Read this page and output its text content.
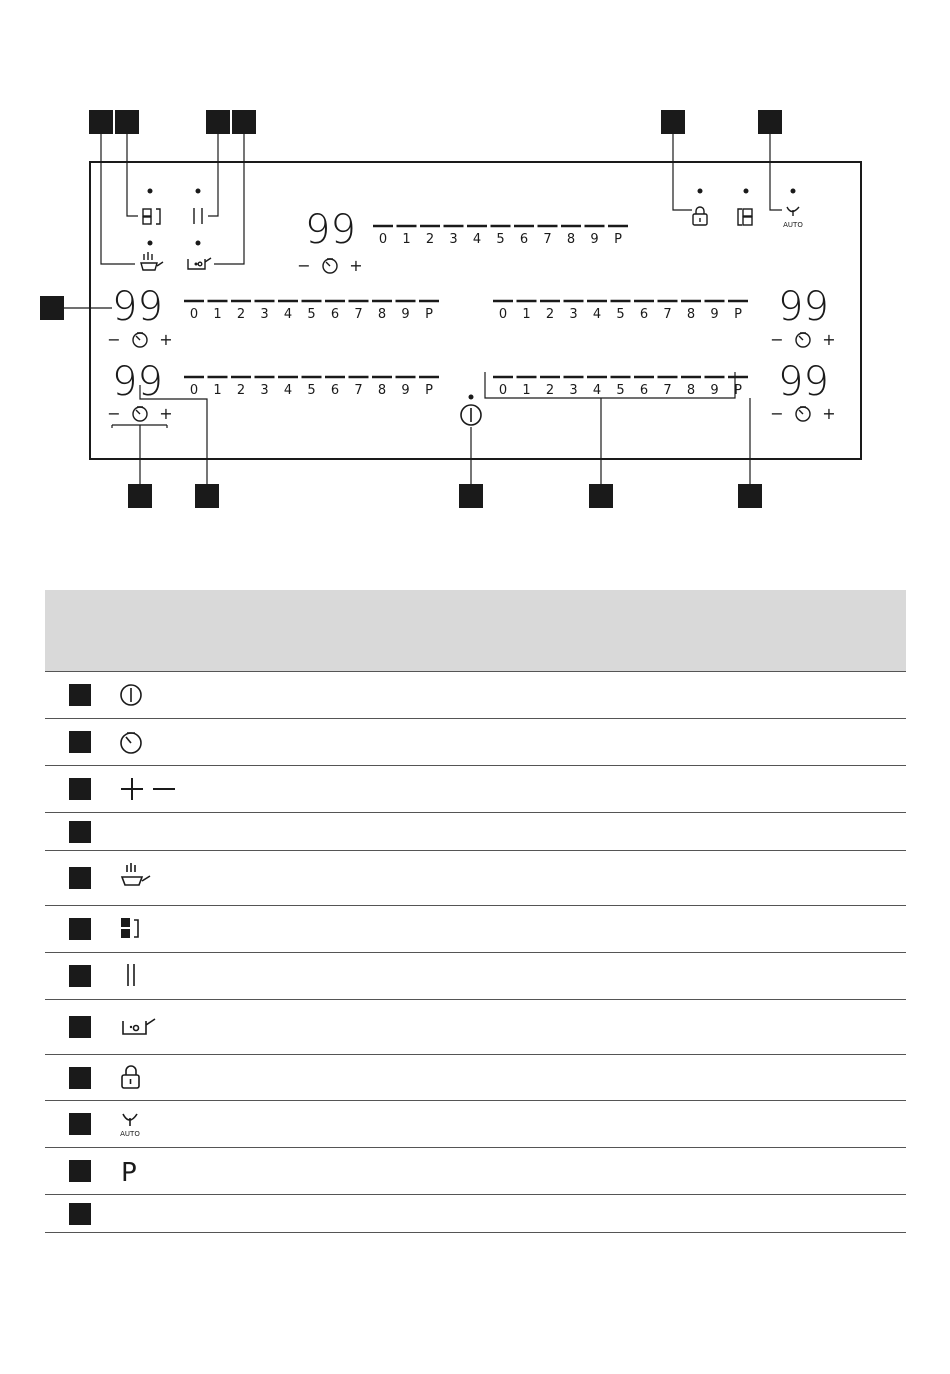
AUTO
99
99	99
99	99
0 1 2 3 4 5 6 7 8 9 P
0 1 2 3 4 5 6 7 8 9 P	0 1 2 3 4 5 6 7 8 9 P
0 1 2 3 4 5 6 7 8 9 P	0 1 2 3 4 5 6 7 8 9 P
− +
− +	− +
− +	− +
AUTO
P
